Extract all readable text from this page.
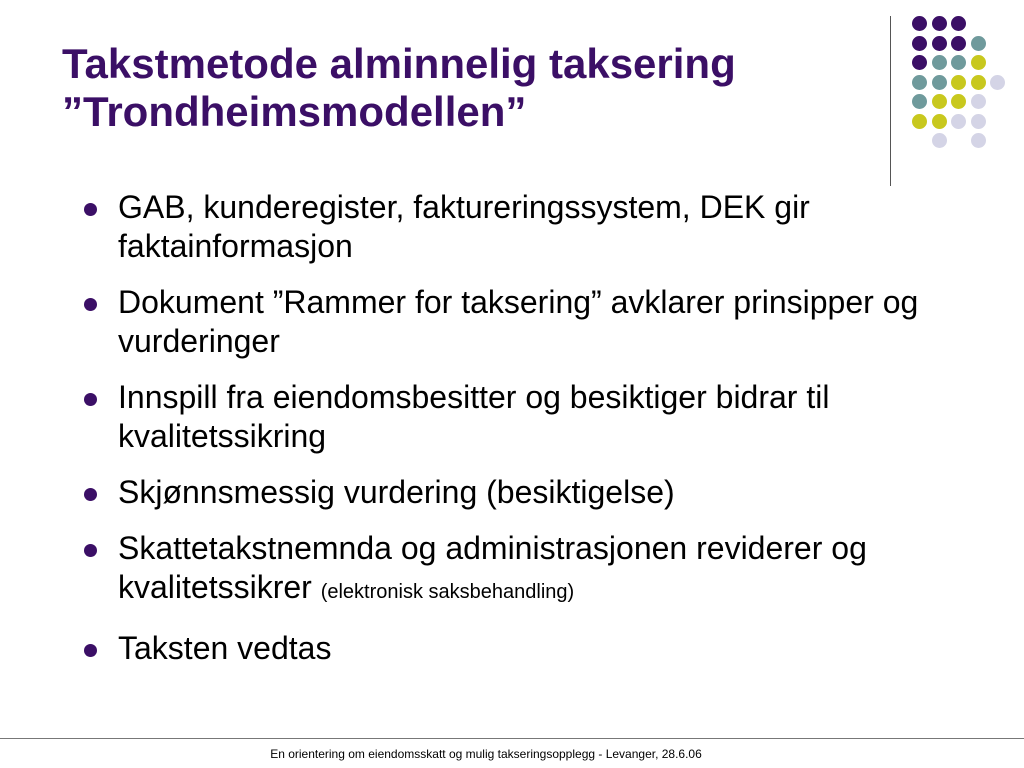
Takstmetode alminnelig taksering
”Trondheimsmodellen”
GAB, kunderegister, faktureringssystem, DEK gir faktainformasjon
Dokument ”Rammer for taksering” avklarer prinsipper og vurderinger
Innspill fra eiendomsbesitter og besiktiger bidrar til kvalitetssikring
Skjønnsmessig vurdering (besiktigelse)
Skattetakstnemnda og administrasjonen reviderer og kvalitetssikrer (elektronisk saksbehandling)
Taksten vedtas
En orientering om eiendomsskatt og mulig takseringsopplegg - Levanger, 28.6.06
